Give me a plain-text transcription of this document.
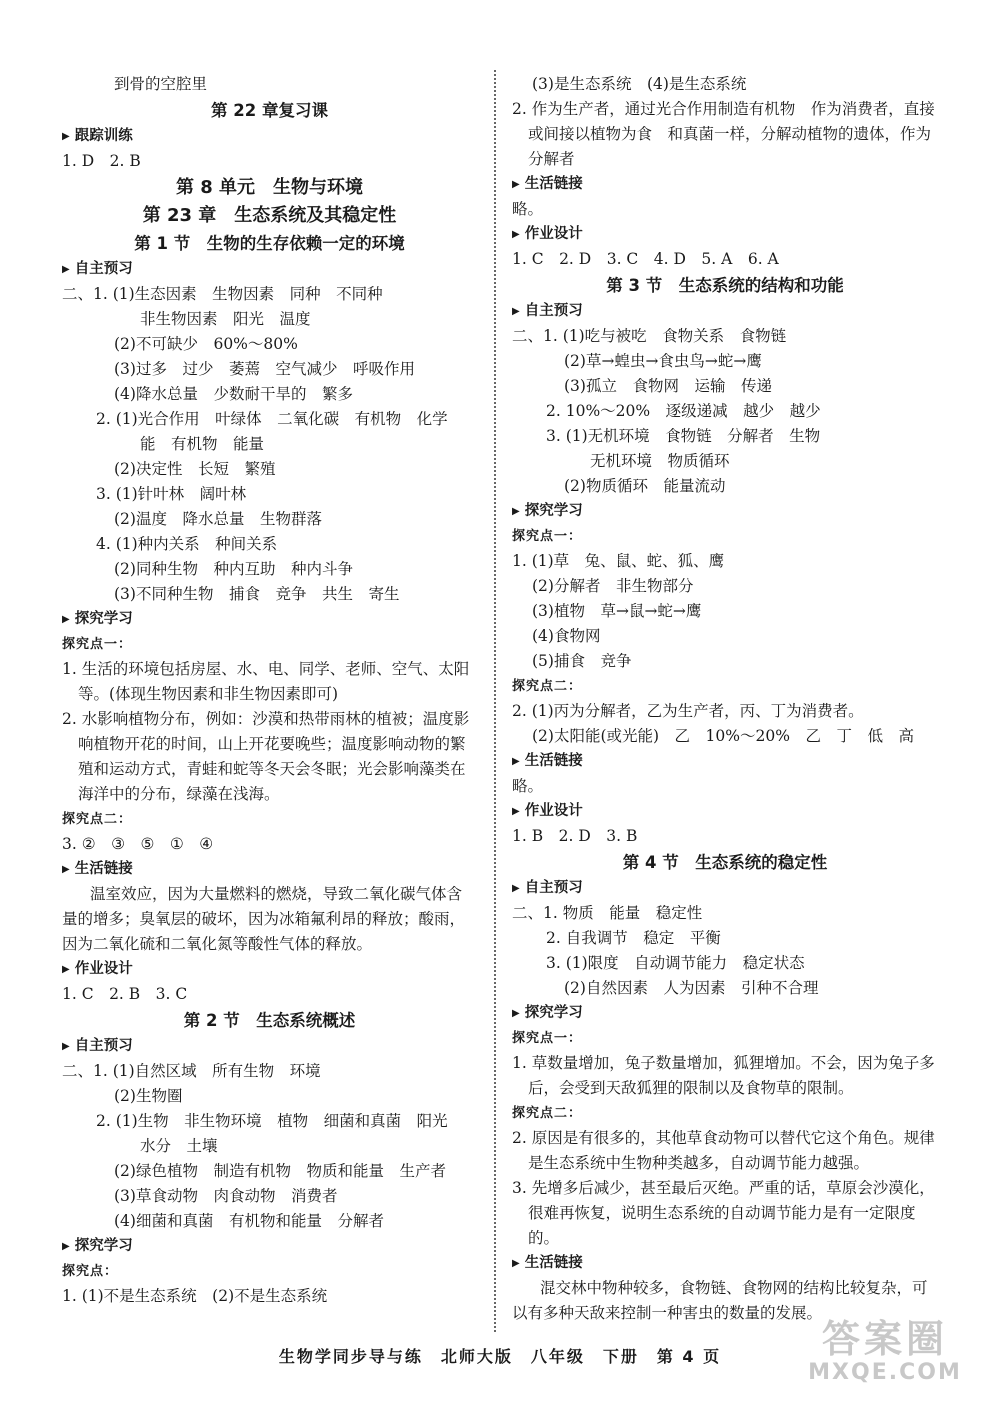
到骨的空腔里
第 22 章复习课
▶ 跟踪训练
1. D　2. B
第 8 单元　生物与环境
第 23 章　生态系统及其稳定性
第 1 节　生物的生存依赖一定的环境
▶ 自主预习
二、1. (1)生态因素　生物因素　同种　不同种
非生物因素　阳光　温度
(2)不可缺少　60%～80%
(3)过多　过少　萎蔫　空气减少　呼吸作用
(4)降水总量　少数耐干旱的　繁多
2. (1)光合作用　叶绿体　二氧化碳　有机物　化学
能　有机物　能量
(2)决定性　长短　繁殖
3. (1)针叶林　阔叶林
(2)温度　降水总量　生物群落
4. (1)种内关系　种间关系
(2)同种生物　种内互助　种内斗争
(3)不同种生物　捕食　竞争　共生　寄生
▶ 探究学习
探究点一：
1. 生活的环境包括房屋、水、电、同学、老师、空气、太阳等。(体现生物因素和非生物因素即可)
2. 水影响植物分布，例如：沙漠和热带雨林的植被；温度影响植物开花的时间，山上开花要晚些；温度影响动物的繁殖和运动方式，青蛙和蛇等冬天会冬眠；光会影响藻类在海洋中的分布，绿藻在浅海。
探究点二：
3. ②　③　⑤　①　④
▶ 生活链接
温室效应，因为大量燃料的燃烧，导致二氧化碳气体含量的增多；臭氧层的破坏，因为冰箱氟利昂的释放；酸雨，因为二氧化硫和二氧化氮等酸性气体的释放。
▶ 作业设计
1. C　2. B　3. C
第 2 节　生态系统概述
▶ 自主预习
二、1. (1)自然区域　所有生物　环境
(2)生物圈
2. (1)生物　非生物环境　植物　细菌和真菌　阳光
水分　土壤
(2)绿色植物　制造有机物　物质和能量　生产者
(3)草食动物　肉食动物　消费者
(4)细菌和真菌　有机物和能量　分解者
▶ 探究学习
探究点：
1. (1)不是生态系统　(2)不是生态系统
(3)是生态系统　(4)是生态系统
2. 作为生产者，通过光合作用制造有机物　作为消费者，直接或间接以植物为食　和真菌一样，分解动植物的遗体，作为分解者
▶ 生活链接
略。
▶ 作业设计
1. C　2. D　3. C　4. D　5. A　6. A
第 3 节　生态系统的结构和功能
▶ 自主预习
二、1. (1)吃与被吃　食物关系　食物链
(2)草→蝗虫→食虫鸟→蛇→鹰
(3)孤立　食物网　运输　传递
2. 10%～20%　逐级递减　越少　越少
3. (1)无机环境　食物链　分解者　生物
无机环境　物质循环
(2)物质循环　能量流动
▶ 探究学习
探究点一：
1. (1)草　兔、鼠、蛇、狐、鹰
(2)分解者　非生物部分
(3)植物　草→鼠→蛇→鹰
(4)食物网
(5)捕食　竞争
探究点二：
2. (1)丙为分解者，乙为生产者，丙、丁为消费者。
(2)太阳能(或光能)　乙　10%～20%　乙　丁　低　高
▶ 生活链接
略。
▶ 作业设计
1. B　2. D　3. B
第 4 节　生态系统的稳定性
▶ 自主预习
二、1. 物质　能量　稳定性
2. 自我调节　稳定　平衡
3. (1)限度　自动调节能力　稳定状态
(2)自然因素　人为因素　引种不合理
▶ 探究学习
探究点一：
1. 草数量增加，兔子数量增加，狐狸增加。不会，因为兔子多后，会受到天敌狐狸的限制以及食物草的限制。
探究点二：
2. 原因是有很多的，其他草食动物可以替代它这个角色。规律是生态系统中生物种类越多，自动调节能力越强。
3. 先增多后减少，甚至最后灭绝。严重的话，草原会沙漠化，很难再恢复，说明生态系统的自动调节能力是有一定限度的。
▶ 生活链接
混交林中物种较多，食物链、食物网的结构比较复杂，可以有多种天敌来控制一种害虫的数量的发展。
生物学同步导与练　北师大版　八年级　下册　第 4 页	答案圈
MXQE.COM
